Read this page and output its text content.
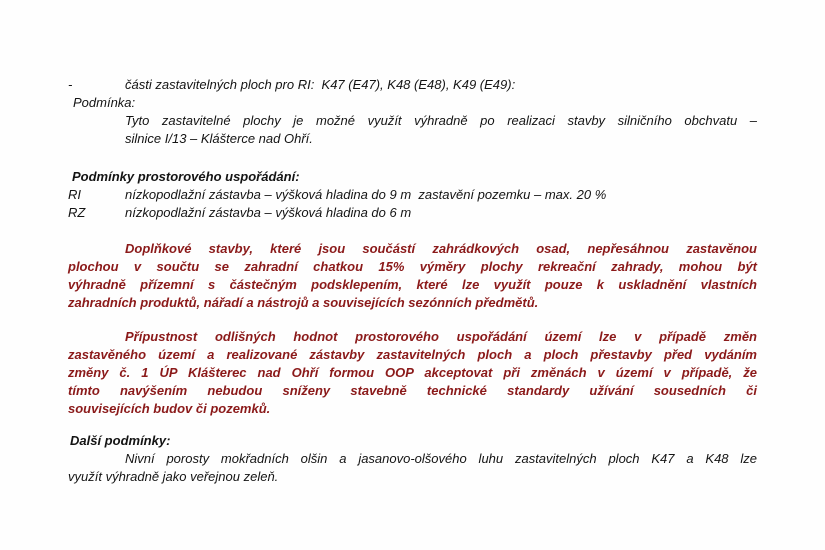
-	části zastavitelných ploch pro RI:  K47 (E47), K48 (E48), K49 (E49):
Podmínka:
Tyto zastavitelné plochy je možné využít výhradně po realizaci stavby silničního obchvatu –
silnice I/13 – Klášterce nad Ohří.
Podmínky prostorového uspořádání:
RI	nízkopodlažní zástavba – výšková hladina do 9 m  zastavění pozemku – max. 20 %
RZ	nízkopodlažní zástavba – výšková hladina do 6 m
Doplňkové stavby, které jsou součástí zahrádkových osad, nepřesáhnou zastavěnou
plochou v součtu se zahradní chatkou 15% výměry plochy rekreační zahrady, mohou být
výhradně přízemní s částečným podsklepením, které lze využít pouze k uskladnění vlastních
zahradních produktů, nářadí a nástrojů a souvisejících sezónních předmětů.
Přípustnost odlišných hodnot prostorového uspořádání území lze v případě změn
zastavěného území a realizované zástavby zastavitelných ploch a ploch přestavby před vydáním
změny č. 1 ÚP Klášterec nad Ohří formou OOP akceptovat při změnách v území v případě, že
tímto navýšením nebudou sníženy stavebně technické standardy užívání sousedních či
souvisejících budov či pozemků.
Další podmínky:
Nivní porosty mokřadních olšin a jasanovo-olšového luhu zastavitelných ploch K47 a K48 lze
využít výhradně jako veřejnou zeleň.
